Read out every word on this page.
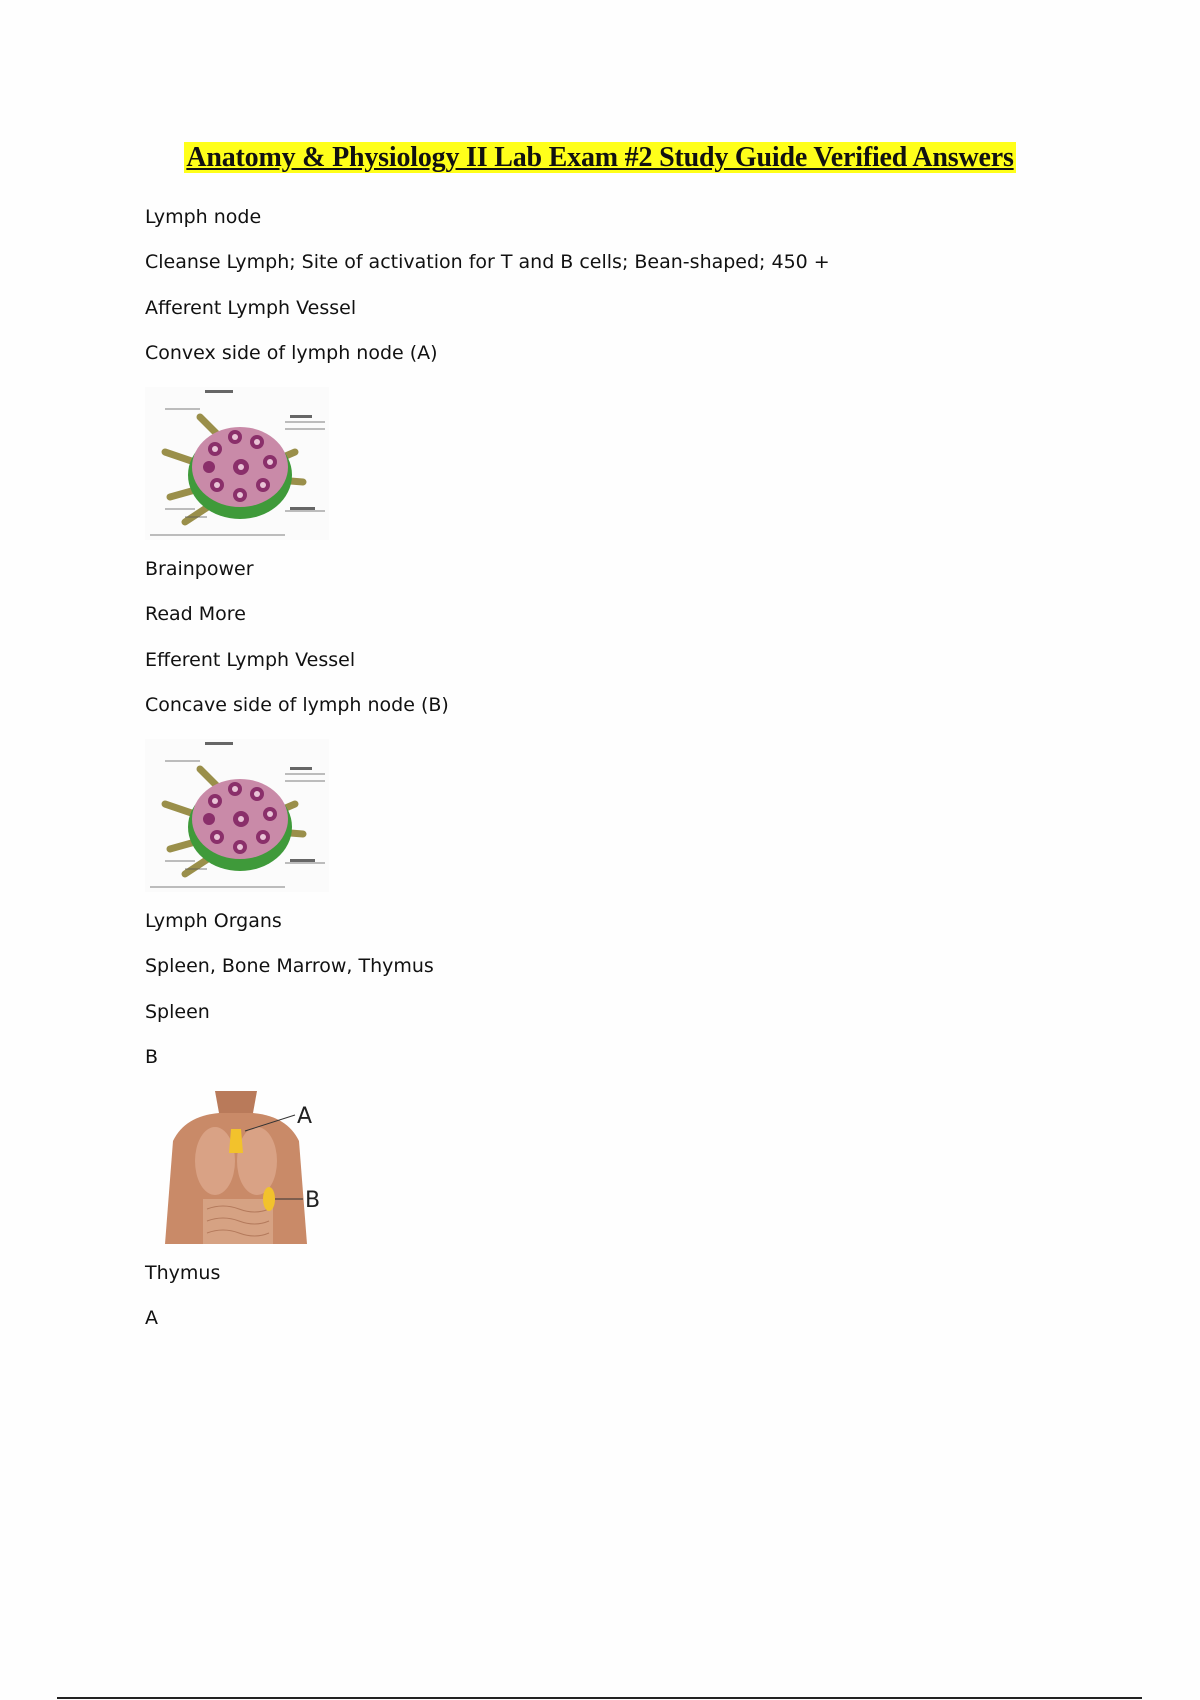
Anatomy & Physiology II Lab Exam #2 Study Guide Verified Answers
Lymph node
Cleanse Lymph; Site of activation for T and B cells; Bean-shaped; 450 +
Afferent Lymph Vessel
Convex side of lymph node (A)
Brainpower
Read More
Efferent Lymph Vessel
Concave side of lymph node (B)
Lymph Organs
Spleen, Bone Marrow, Thymus
Spleen
B
A
B
Thymus
A
